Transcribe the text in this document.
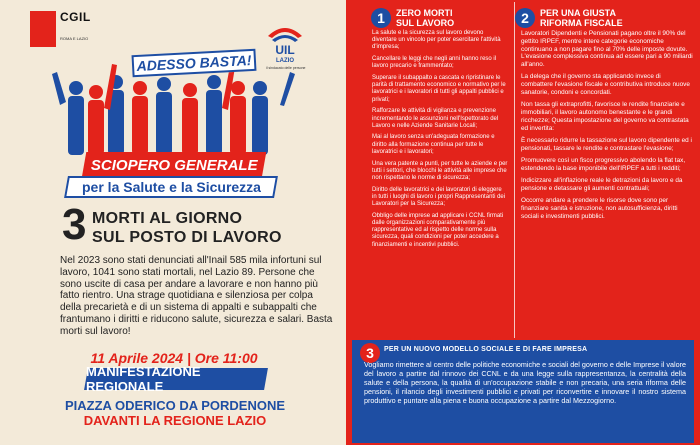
CGIL
ROMA E LAZIO
UIL
LAZIO
il sindacato delle persone
ADESSO BASTA!
SCIOPERO GENERALE
per la Salute e la Sicurezza
3 MORTI AL GIORNO
SUL POSTO DI LAVORO
Nel 2023 sono stati denunciati all'Inail 585 mila infortuni sul lavoro, 1041 sono stati mortali, nel Lazio 89. Persone che sono uscite di casa per andare a lavorare e non hanno più fatto rientro. Una strage quotidiana e silenziosa per colpa della precarietà e di un sistema di appalti e subappalti che frantumano i diritti e riducono salute, sicurezza e salari. Basta morti sul lavoro!
11 Aprile 2024 | Ore 11:00
MANIFESTAZIONE REGIONALE
PIAZZA ODERICO DA PORDENONE
DAVANTI LA REGIONE LAZIO
1	ZERO MORTI
SUL LAVORO

La salute e la sicurezza sul lavoro devono diventare un vincolo per poter esercitare l'attività d'impresa;

Cancellare le leggi che negli anni hanno reso il lavoro precario e frammentato;

Superare il subappalto a cascata e ripristinare le parità di trattamento economico e normativo per le lavoratrici e i lavoratori di tutti gli appalti pubblici e privati;

Rafforzare le attività di vigilanza e prevenzione incrementando le assunzioni nell'Ispettorato del Lavoro e nelle Aziende Sanitarie Locali;

Mai al lavoro senza un'adeguata formazione e diritto alla formazione continua per tutte le lavoratrici e i lavoratori;

Una vera patente a punti, per tutte le aziende e per tutti i settori, che blocchi le attività alle imprese che non rispettano le norme di sicurezza;

Diritto delle lavoratrici e dei lavoratori di eleggere in tutti i luoghi di lavoro i propri Rappresentanti dei Lavoratori per la Sicurezza;

Obbligo delle imprese ad applicare i CCNL firmati dalle organizzazioni comparativamente più rappresentative ed al rispetto delle norme sulla sicurezza, quali condizioni per poter accedere a finanziamenti e incentivi pubblici.

2	PER UNA GIUSTA
RIFORMA FISCALE

Lavoratori Dipendenti e Pensionati pagano oltre il 90% del gettito IRPEF, mentre intere categorie economiche continuano a non pagare fino al 70% delle imposte dovute. L'evasione complessiva continua ad essere pari a 90 miliardi all'anno.

La delega che il governo sta applicando invece di combattere l'evasione fiscale e contributiva introduce nuove sanatorie, condoni e concordati.

Non tassa gli extraprofitti, favorisce le rendite finanziarie e immobiliari, il lavoro autonomo benestante e le grandi ricchezze; Questa impostazione del governo va contrastata ed invertita:

È necessario ridurre la tassazione sul lavoro dipendente ed i pensionati, tassare le rendite e contrastare l'evasione;

Promuovere così un fisco progressivo abolendo la flat tax, estendendo la base imponibile dell'IRPEF a tutti i redditi;

Indicizzare all'inflazione reale le detrazioni da lavoro e da pensione e detassare gli aumenti contrattuali;

Occorre andare a prendere le risorse dove sono per finanziare sanità e istruzione, non autosufficienza, diritti sociali e investimenti pubblici.

3	PER UN NUOVO MODELLO SOCIALE E DI FARE IMPRESA
Vogliamo rimettere al centro delle politiche economiche e sociali del governo e delle Imprese il valore del lavoro a partire dal rinnovo dei CCNL e da una legge sulla rappresentanza, la centralità della salute e della persona, la qualità di un'occupazione stabile e non precaria, una seria riforma delle pensioni, il rilancio degli investimenti pubblici e privati per riconvertire e innovare il nostro sistema produttivo e puntare alla piena e buona occupazione a partire dal Mezzogiorno.
